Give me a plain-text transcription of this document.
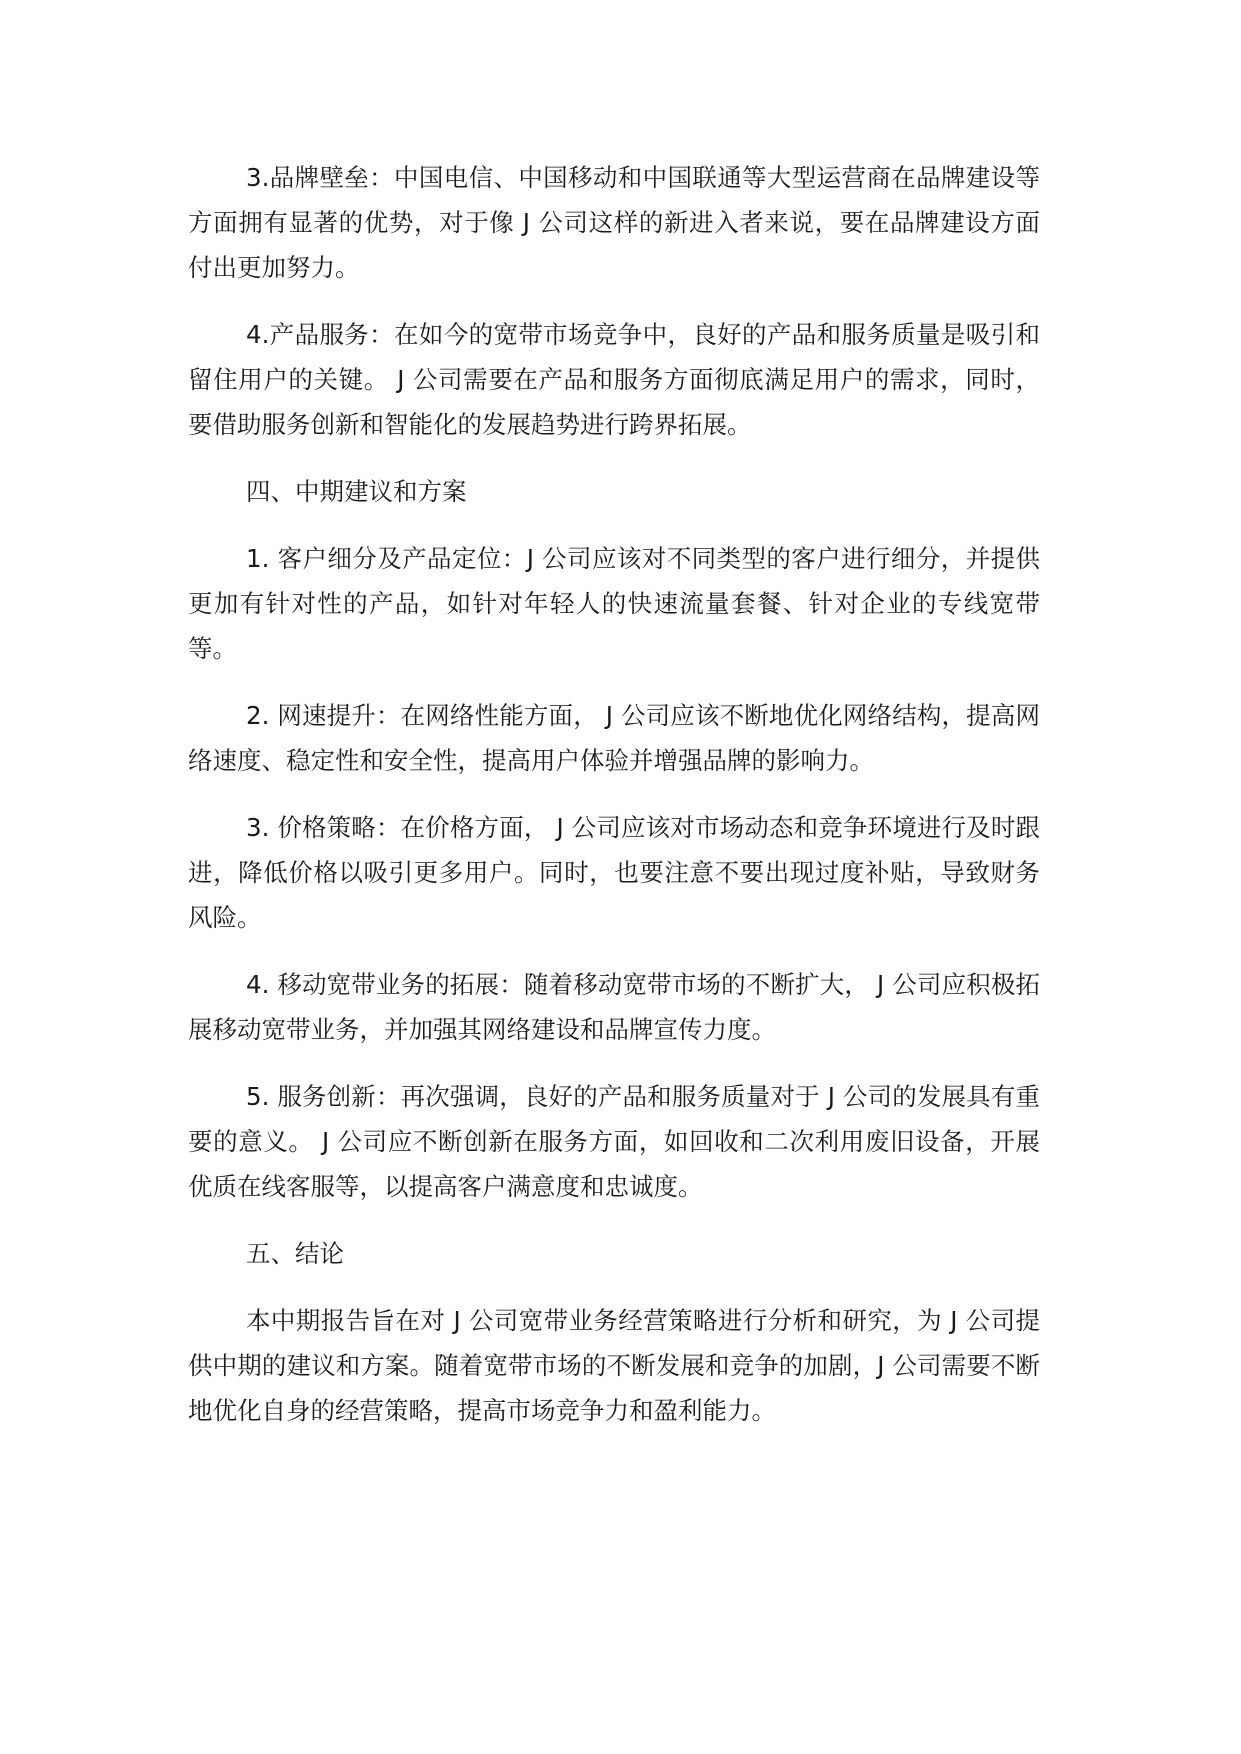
3.品牌壁垒：中国电信、中国移动和中国联通等大型运营商在品牌建设等方面拥有显著的优势，对于像 J 公司这样的新进入者来说，要在品牌建设方面付出更加努力。

4.产品服务：在如今的宽带市场竞争中，良好的产品和服务质量是吸引和留住用户的关键。 J 公司需要在产品和服务方面彻底满足用户的需求，同时，要借助服务创新和智能化的发展趋势进行跨界拓展。

四、中期建议和方案

1. 客户细分及产品定位：J 公司应该对不同类型的客户进行细分，并提供更加有针对性的产品，如针对年轻人的快速流量套餐、针对企业的专线宽带等。

2. 网速提升：在网络性能方面， J 公司应该不断地优化网络结构，提高网络速度、稳定性和安全性，提高用户体验并增强品牌的影响力。

3. 价格策略：在价格方面， J 公司应该对市场动态和竞争环境进行及时跟进，降低价格以吸引更多用户。同时，也要注意不要出现过度补贴，导致财务风险。

4. 移动宽带业务的拓展：随着移动宽带市场的不断扩大， J 公司应积极拓展移动宽带业务，并加强其网络建设和品牌宣传力度。

5. 服务创新：再次强调，良好的产品和服务质量对于 J 公司的发展具有重要的意义。 J 公司应不断创新在服务方面，如回收和二次利用废旧设备，开展优质在线客服等，以提高客户满意度和忠诚度。

五、结论

本中期报告旨在对 J 公司宽带业务经营策略进行分析和研究，为 J 公司提供中期的建议和方案。随着宽带市场的不断发展和竞争的加剧，J 公司需要不断地优化自身的经营策略，提高市场竞争力和盈利能力。
